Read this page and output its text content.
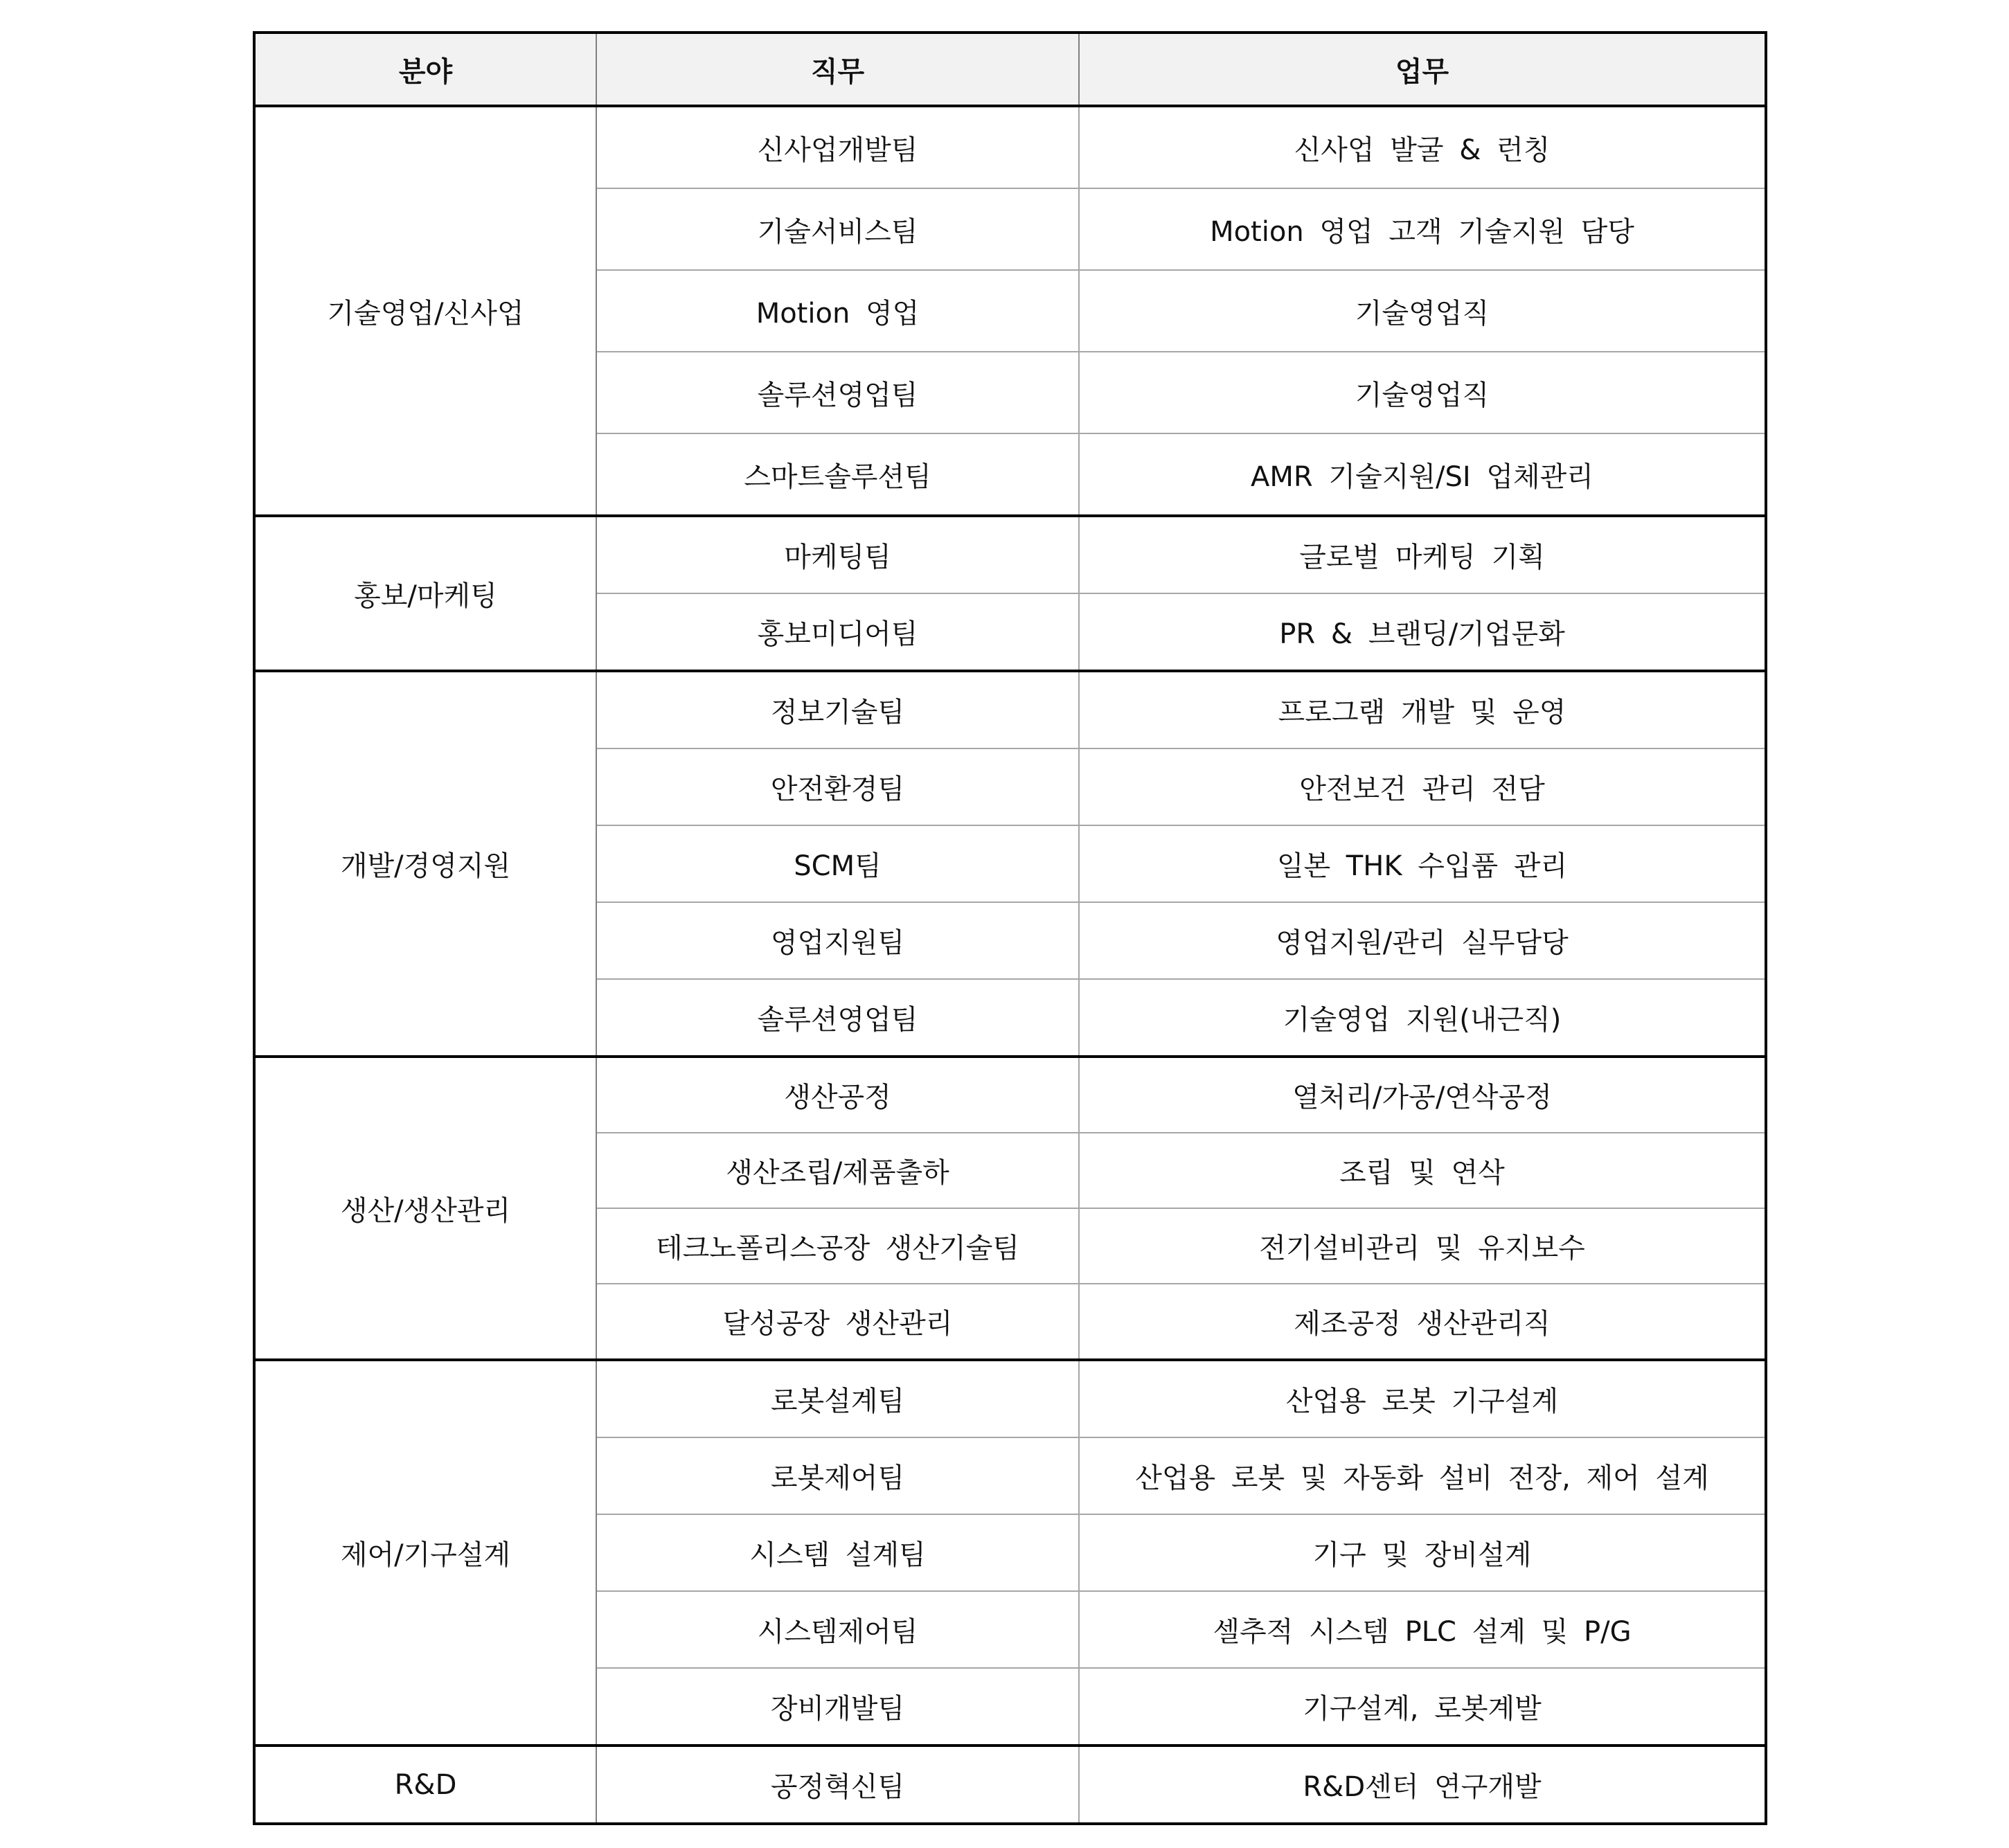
분야	직무	업무
기술영업/신사업	신사업개발팀	신사업 발굴 & 런칭
	기술서비스팀	Motion 영업 고객 기술지원 담당
	Motion 영업	기술영업직
	솔루션영업팀	기술영업직
	스마트솔루션팀	AMR 기술지원/SI 업체관리
홍보/마케팅	마케팅팀	글로벌 마케팅 기획
	홍보미디어팀	PR & 브랜딩/기업문화
개발/경영지원	정보기술팀	프로그램 개발 및 운영
	안전환경팀	안전보건 관리 전담
	SCM팀	일본 THK 수입품 관리
	영업지원팀	영업지원/관리 실무담당
	솔루션영업팀	기술영업 지원(내근직)
생산/생산관리	생산공정	열처리/가공/연삭공정
	생산조립/제품출하	조립 및 연삭
	테크노폴리스공장 생산기술팀	전기설비관리 및 유지보수
	달성공장 생산관리	제조공정 생산관리직
제어/기구설계	로봇설계팀	산업용 로봇 기구설계
	로봇제어팀	산업용 로봇 및 자동화 설비 전장, 제어 설계
	시스템 설계팀	기구 및 장비설계
	시스템제어팀	셀추적 시스템 PLC 설계 및 P/G
	장비개발팀	기구설계, 로봇계발
R&D	공정혁신팀	R&D센터 연구개발
